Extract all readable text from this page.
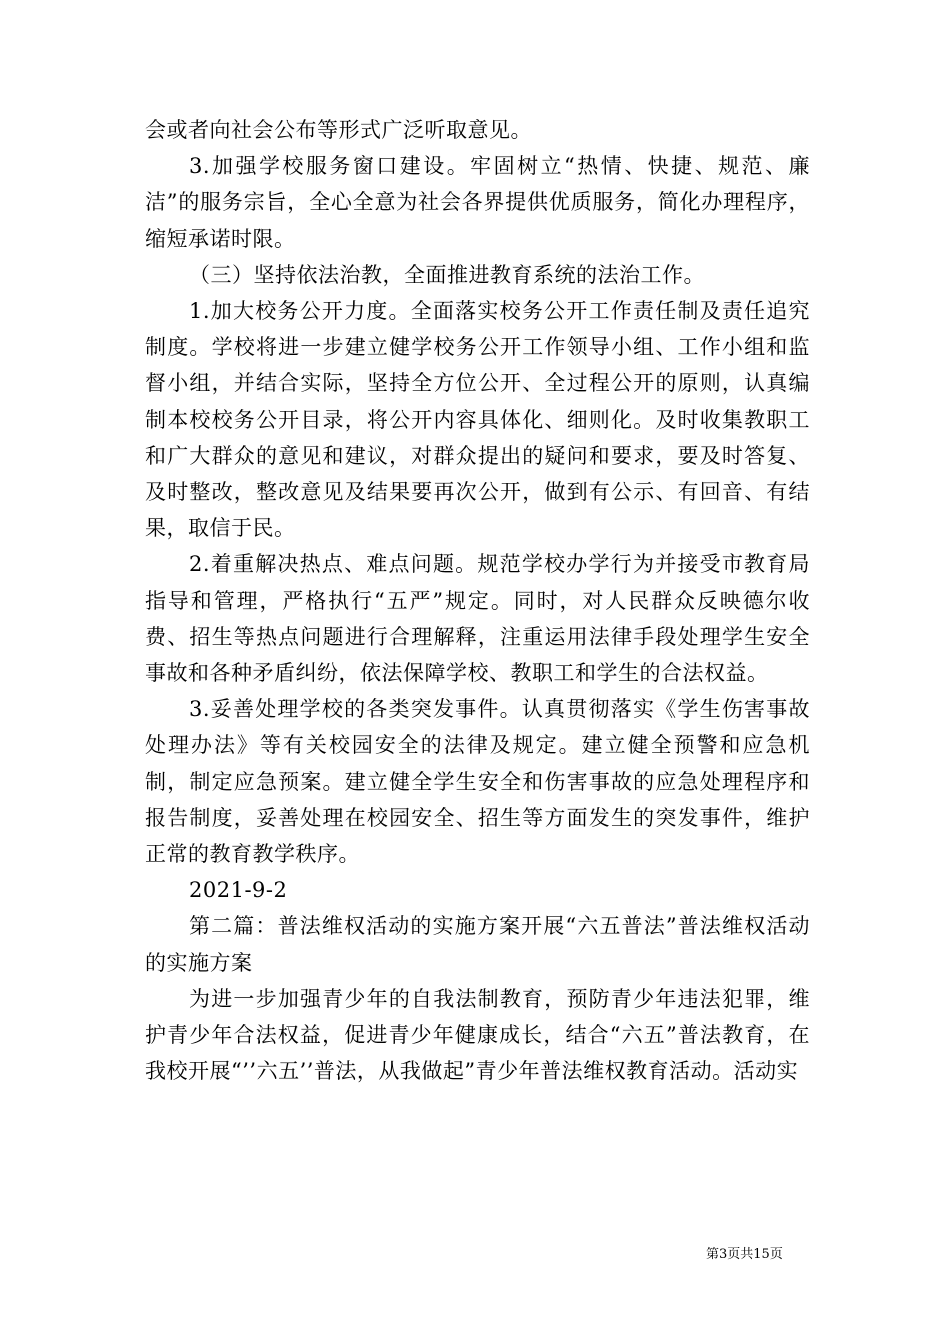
会或者向社会公布等形式广泛听取意见。

3.加强学校服务窗口建设。牢固树立“热情、快捷、规范、廉洁”的服务宗旨，全心全意为社会各界提供优质服务，简化办理程序，缩短承诺时限。

（三）坚持依法治教，全面推进教育系统的法治工作。

1.加大校务公开力度。全面落实校务公开工作责任制及责任追究制度。学校将进一步建立健学校务公开工作领导小组、工作小组和监督小组，并结合实际，坚持全方位公开、全过程公开的原则，认真编制本校校务公开目录，将公开内容具体化、细则化。及时收集教职工和广大群众的意见和建议，对群众提出的疑问和要求，要及时答复、及时整改，整改意见及结果要再次公开，做到有公示、有回音、有结果，取信于民。

2.着重解决热点、难点问题。规范学校办学行为并接受市教育局指导和管理，严格执行“五严”规定。同时，对人民群众反映德尔收费、招生等热点问题进行合理解释，注重运用法律手段处理学生安全事故和各种矛盾纠纷，依法保障学校、教职工和学生的合法权益。

3.妥善处理学校的各类突发事件。认真贯彻落实《学生伤害事故处理办法》等有关校园安全的法律及规定。建立健全预警和应急机制，制定应急预案。建立健全学生安全和伤害事故的应急处理程序和报告制度，妥善处理在校园安全、招生等方面发生的突发事件，维护正常的教育教学秩序。

2021-9-2

第二篇：普法维权活动的实施方案开展“六五普法”普法维权活动的实施方案

为进一步加强青少年的自我法制教育，预防青少年违法犯罪，维护青少年合法权益，促进青少年健康成长，结合“六五”普法教育，在我校开展“’’六五’’普法，从我做起”青少年普法维权教育活动。活动实

第3页共15页
